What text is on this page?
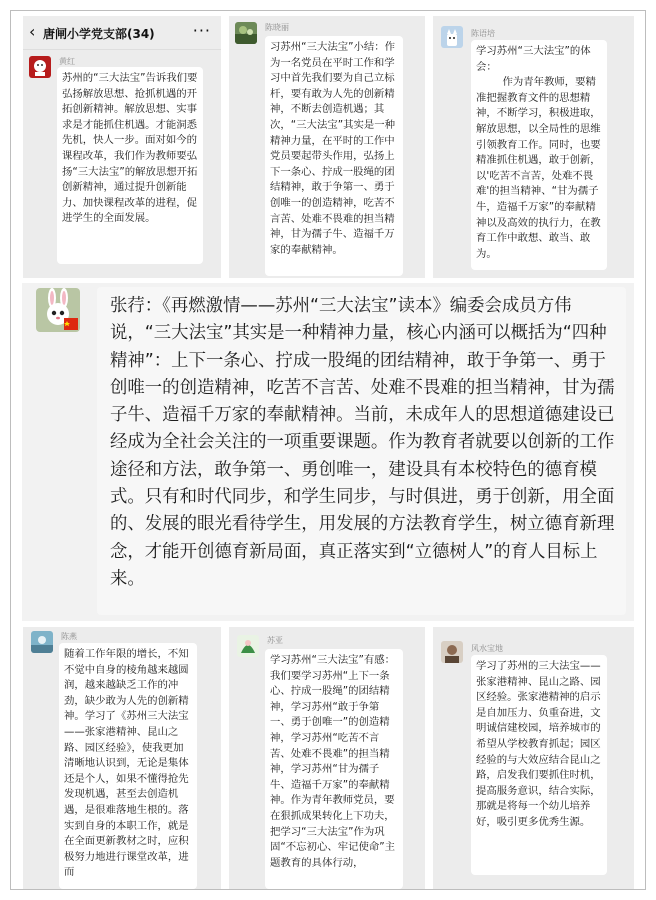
‹ 唐闸小学党支部(34) ···
黄红
苏州的“三大法宝”告诉我们要弘扬解放思想、抢抓机遇的开拓创新精神。解放思想、实事求是才能抓住机遇。才能洞悉先机，快人一步。面对如今的课程改革，我们作为教师要弘扬“三大法宝”的解放思想开拓创新精神，通过提升创新能力、加快课程改革的进程，促进学生的全面发展。
陈晓丽
习苏州“三大法宝”小结：作为一名党员在平时工作和学习中首先我们要为自己立标杆，要有敢为人先的创新精神，不断去创造机遇；其次，“三大法宝”其实是一种精神力量，在平时的工作中党员要起带头作用，弘扬上下一条心、拧成一股绳的团结精神，敢于争第一、勇于创唯一的创造精神，吃苦不言苦、处难不畏难的担当精神，甘为孺子牛、造福千万家的奉献精神。
陈语培
学习苏州“三大法宝”的体会：
作为青年教师，要精准把握教育文件的思想精神，不断学习，积极进取，解放思想，以全局性的思维引领教育工作。同时，也要精准抓住机遇，敢于创新，以'吃苦不言苦，处难不畏难'的担当精神、“甘为孺子牛，造福千万家”的奉献精神以及高效的执行力，在教育工作中敢想、敢当、敢为。
张荇：《再燃激情——苏州“三大法宝”读本》编委会成员方伟说，“三大法宝”其实是一种精神力量，核心内涵可以概括为“四种精神”：上下一条心、拧成一股绳的团结精神，敢于争第一、勇于创唯一的创造精神，吃苦不言苦、处难不畏难的担当精神，甘为孺子牛、造福千万家的奉献精神。当前，未成年人的思想道德建设已经成为全社会关注的一项重要课题。作为教育者就要以创新的工作途径和方法，敢争第一、勇创唯一，建设具有本校特色的德育模式。只有和时代同步，和学生同步，与时俱进，勇于创新，用全面的、发展的眼光看待学生，用发展的方法教育学生，树立德育新理念，才能开创德育新局面，真正落实到“立德树人”的育人目标上来。
陈燕
随着工作年限的增长，不知不觉中自身的棱角越来越圆润，越来越缺乏工作的冲劲，缺少敢为人先的创新精神。学习了《苏州三大法宝——张家港精神、昆山之路、园区经验》，使我更加清晰地认识到，无论是集体还是个人，如果不懂得抢先发现机遇，甚至去创造机遇，是很难落地生根的。落实到自身的本职工作，就是在全面更新教材之时，应积极努力地进行课堂改革，进而
苏亚
学习苏州“三大法宝”有感：我们要学习苏州“上下一条心、拧成一股绳”的团结精神，学习苏州“敢于争第一、勇于创唯一”的创造精神，学习苏州“吃苦不言苦、处难不畏难”的担当精神，学习苏州“甘为孺子牛、造福千万家”的奉献精神。作为青年教师党员，要在狠抓成果转化上下功夫，把学习“三大法宝”作为巩固“不忘初心、牢记使命”主题教育的具体行动，
风水宝地
学习了苏州的三大法宝——张家港精神、昆山之路、园区经验。张家港精神的启示是自加压力、负重奋进，文明诚信建校园，培养城市的希望从学校教育抓起；园区经验的与大效应结合昆山之路，启发我们要抓住时机，提高服务意识，结合实际，那就是将每一个幼儿培养好，吸引更多优秀生源。
